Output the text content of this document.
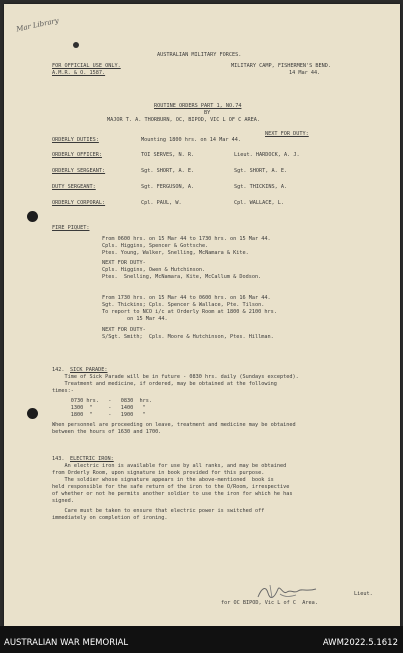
Mar Library
AUSTRALIAN MILITARY FORCES.
FOR OFFICIAL USE ONLY.
A.M.R. & O. 1587.
MILITARY CAMP, FISHERMEN'S BEND.
14 Mar 44.
ROUTINE ORDERS PART 1, NO.74
BY
MAJOR T. A. THORBURN, OC, BIPOD, VIC L OF C AREA.
ORDERLY DUTIES:	Mounting 1800 hrs. on 14 Mar 44.
NEXT FOR DUTY:
ORDERLY OFFICER:	TOI SERVES, N. R.	Lieut. HARDOCK, A. J.
ORDERLY SERGEANT:	Sgt. SHORT, A. E.	Sgt. SHORT, A. E.
DUTY SERGEANT:	Sgt. FERGUSON, A.	Sgt. THICKINS, A.
ORDERLY CORPORAL:	Cpl. PAUL, W.	Cpl. WALLACE, L.
FIRE PIQUET:
From 0600 hrs. on 15 Mar 44 to 1730 hrs. on 15 Mar 44.
Cpls. Higgins, Spencer & Gottsche.
Ptes. Young, Walker, Snelling, McNamara & Kite.
NEXT FOR DUTY-
Cpls. Higgins, Owen & Hutchinson.
Ptes.  Snelling, McNamara, Kite, McCallum & Dodson.
From 1730 hrs. on 15 Mar 44 to 0600 hrs. on 16 Mar 44.
Sgt. Thickins; Cpls. Spencer & Wallace, Pte. Tilson.
To report to NCO i/c at Orderly Room at 1800 & 2100 hrs.
on 15 Mar 44.
NEXT FOR DUTY-
S/Sgt. Smith;  Cpls. Moore & Hutchinson, Ptes. Hillman.
142. SICK PARADE:
Time of Sick Parade will be in future - 0830 hrs. daily (Sundays excepted).
Treatment and medicine, if ordered, may be obtained at the following
times:-
0730 hrs.   -   0830  hrs.
1300  "     -   1400   "
1800  "     -   1900   "
When personnel are proceeding on leave, treatment and medicine may be obtained
between the hours of 1630 and 1700.
143. ELECTRIC IRON:
An electric iron is available for use by all ranks, and may be obtained
from Orderly Room, upon signature in book provided for this purpose.
The soldier whose signature appears in the above-mentioned  book is
held responsible for the safe return of the iron to the O/Room, irrespective
of whether or not he permits another soldier to use the iron for which he has
signed.
Care must be taken to ensure that electric power is switched off
immediately on completion of ironing.
Lieut.
for OC BIPOD, Vic L of C  Area.
AUSTRALIAN WAR MEMORIAL	AWM2022.5.1612
